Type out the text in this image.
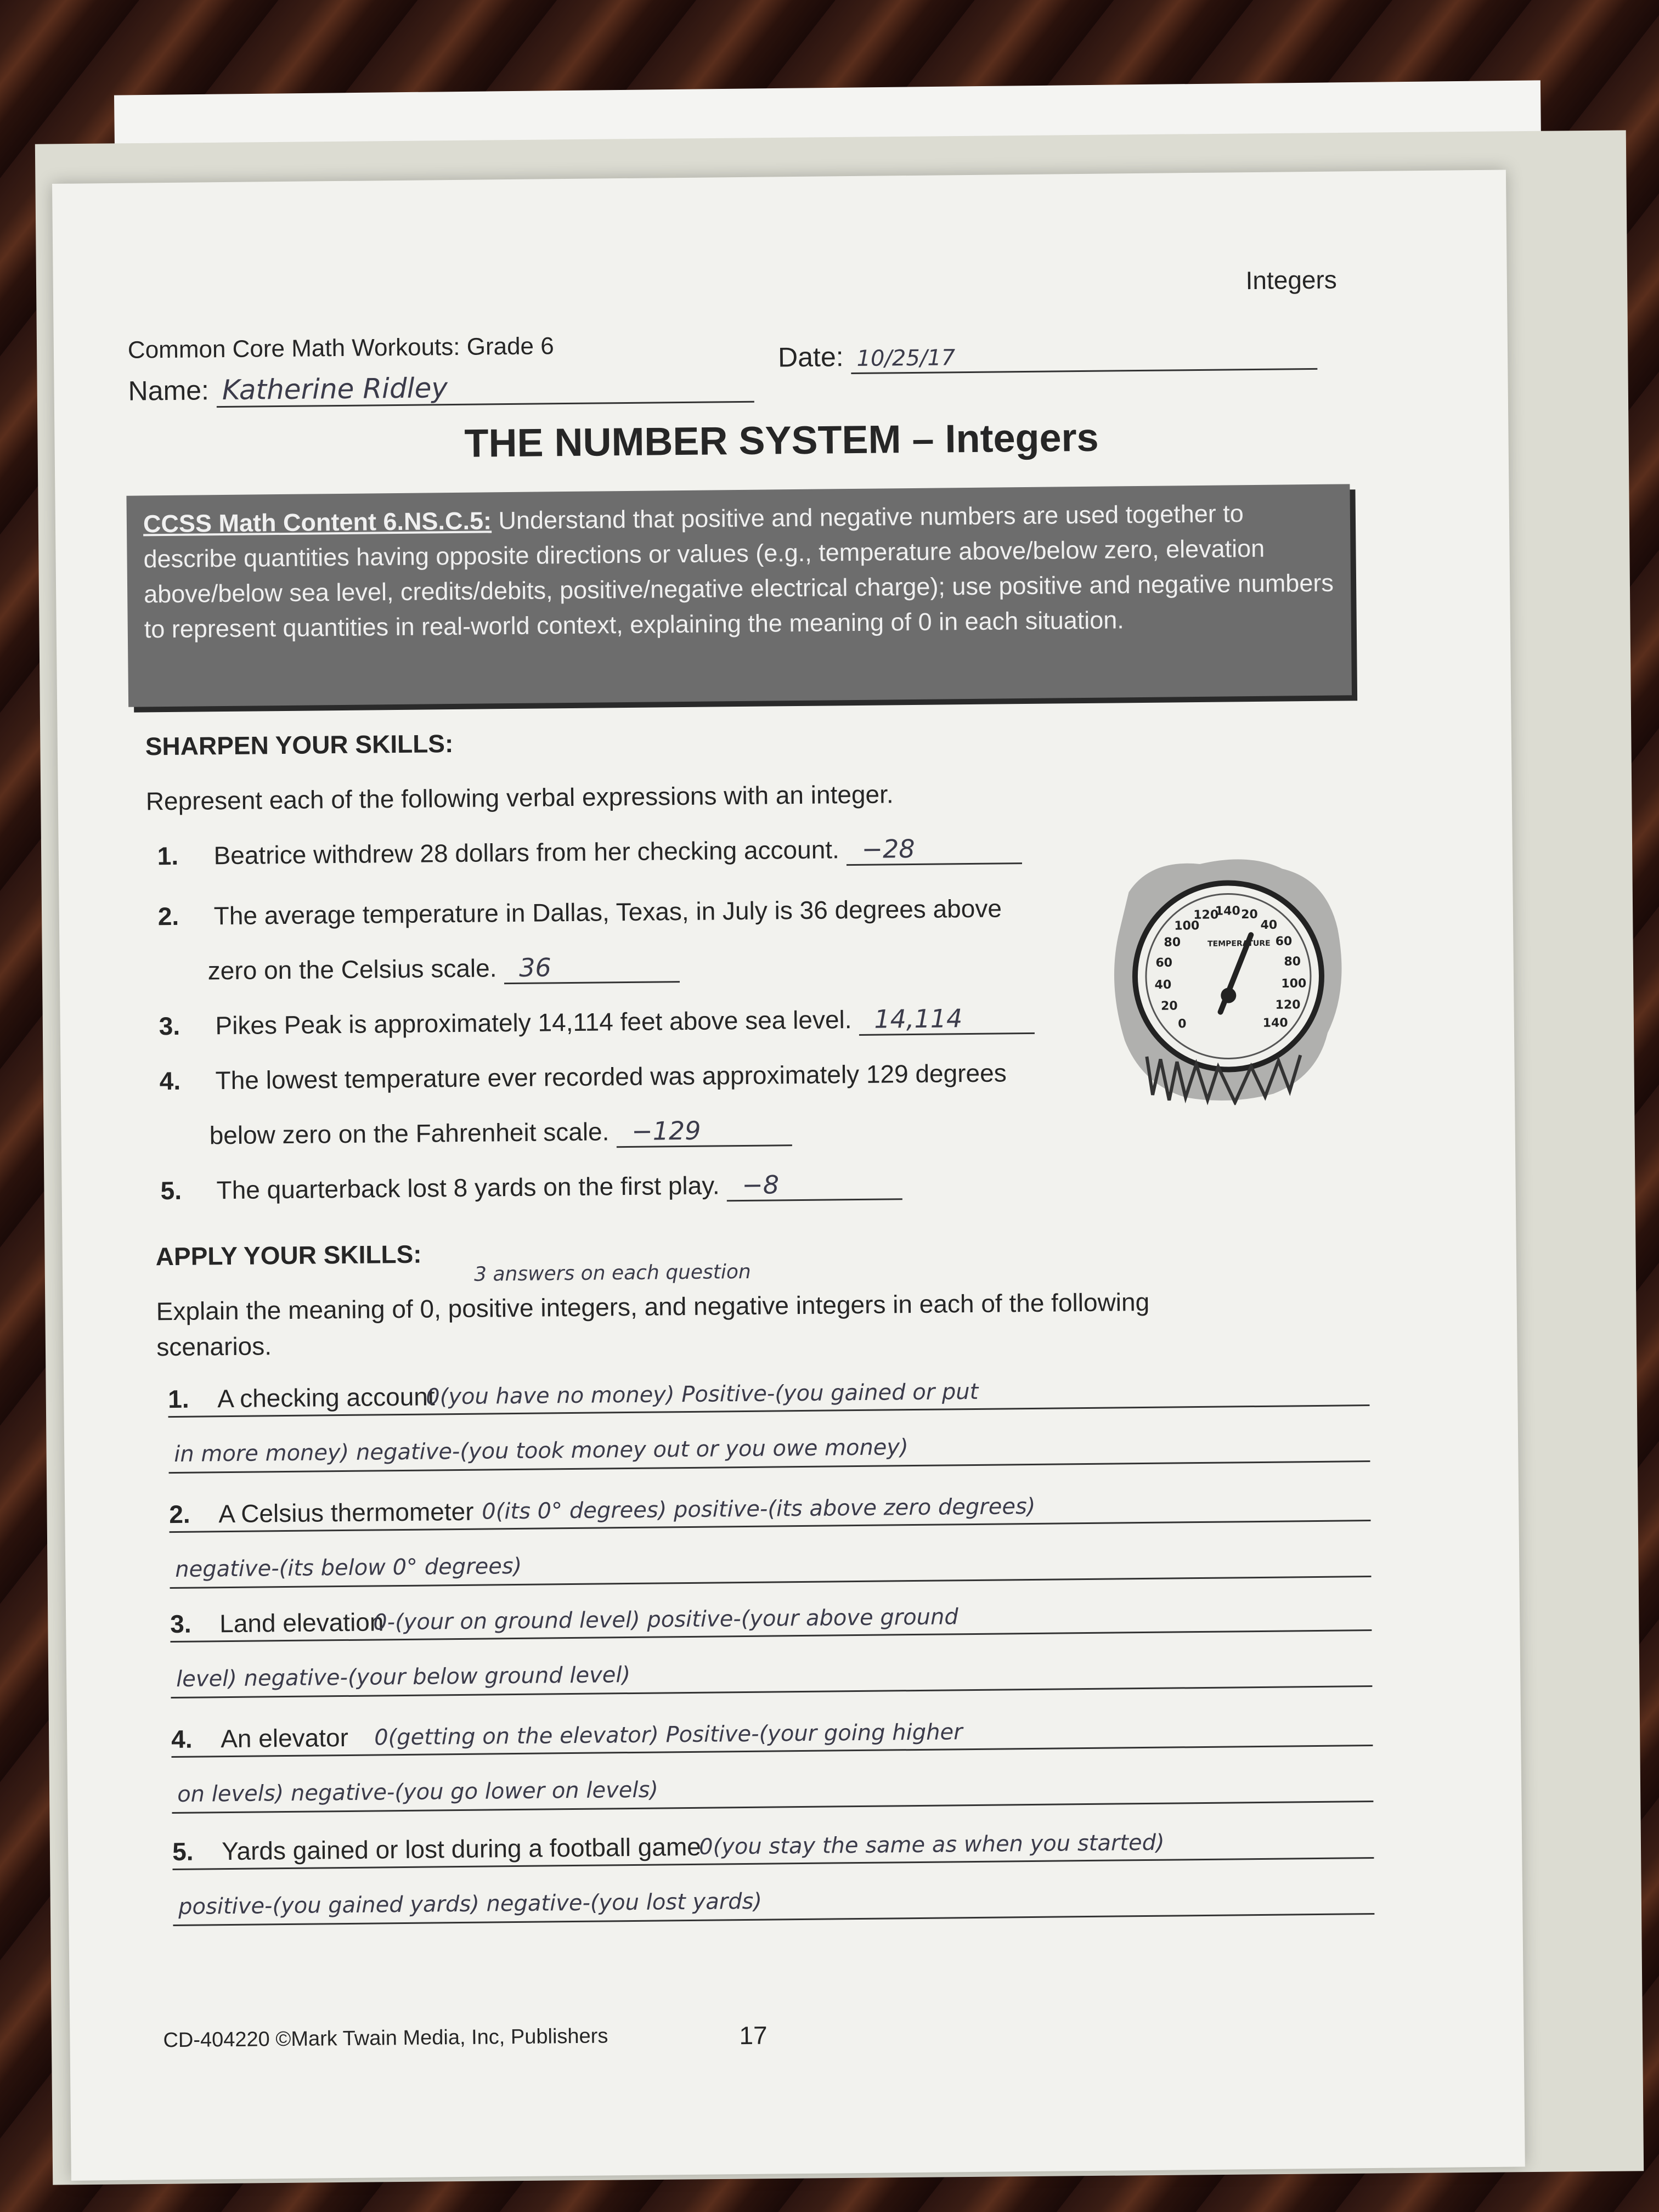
Integers
Common Core Math Workouts: Grade 6
Name: Katherine Ridley
Date: 10/25/17
THE NUMBER SYSTEM – Integers
CCSS Math Content 6.NS.C.5: Understand that positive and negative numbers are used together to describe quantities having opposite directions or values (e.g., temperature above/below zero, elevation above/below sea level, credits/debits, positive/negative electrical charge); use positive and negative numbers to represent quantities in real-world context, explaining the meaning of 0 in each situation.
SHARPEN YOUR SKILLS:
Represent each of the following verbal expressions with an integer.
1. Beatrice withdrew 28 dollars from her checking account. −28
2. The average temperature in Dallas, Texas, in July is 36 degrees above
zero on the Celsius scale. 36
3. Pikes Peak is approximately 14,114 feet above sea level. 14,114
4. The lowest temperature ever recorded was approximately 129 degrees
below zero on the Fahrenheit scale. −129
5. The quarterback lost 8 yards on the first play. −8
0
20
40
60
80
100
120
140 20
40
60
80
100
120
140
TEMPERATURE
APPLY YOUR SKILLS:
3 answers on each question
Explain the meaning of 0, positive integers, and negative integers in each of the following
scenarios.
1. A checking account
0(you have no money) Positive-(you gained or put
in more money) negative-(you took money out or you owe money)
2. A Celsius thermometer 0(its 0° degrees) positive-(its above zero degrees)
negative-(its below 0° degrees)
3. Land elevation
0-(your on ground level) positive-(your above ground
level) negative-(your below ground level)
4. An elevator 0(getting on the elevator) Positive-(your going higher
on levels) negative-(you go lower on levels)
5. Yards gained or lost during a football game
0(you stay the same as when you started)
positive-(you gained yards) negative-(you lost yards)
CD-404220 ©Mark Twain Media, Inc, Publishers	17
